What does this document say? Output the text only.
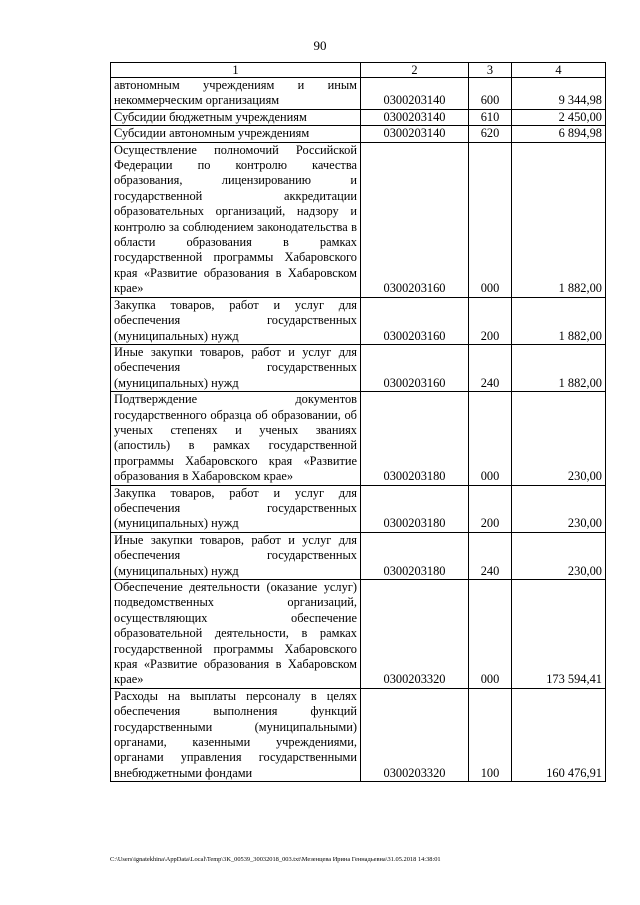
90
1	2	3	4
автономным учреждениям и иным некоммерческим организациям	0300203140	600	9 344,98
Субсидии бюджетным учреждениям	0300203140	610	2 450,00
Субсидии автономным учреждениям	0300203140	620	6 894,98
Осуществление полномочий Российской Федерации по контролю качества образования, лицензированию и государственной аккредитации образовательных организаций, надзору и контролю за соблюдением законодательства в области образования в рамках государственной программы Хабаровского края «Развитие образования в Хабаровском крае»	0300203160	000	1 882,00
Закупка товаров, работ и услуг для обеспечения государственных (муниципальных) нужд	0300203160	200	1 882,00
Иные закупки товаров, работ и услуг для обеспечения государственных (муниципальных) нужд	0300203160	240	1 882,00
Подтверждение документов государственного образца об образовании, об ученых степенях и ученых званиях (апостиль) в рамках государственной программы Хабаровского края «Развитие образования в Хабаровском крае»	0300203180	000	230,00
Закупка товаров, работ и услуг для обеспечения государственных (муниципальных) нужд	0300203180	200	230,00
Иные закупки товаров, работ и услуг для обеспечения государственных (муниципальных) нужд	0300203180	240	230,00
Обеспечение деятельности (оказание услуг) подведомственных организаций, осуществляющих обеспечение образовательной деятельности, в рамках государственной программы Хабаровского края «Развитие образования в Хабаровском крае»	0300203320	000	173 594,41
Расходы на выплаты персоналу в целях обеспечения выполнения функций государственными (муниципальными) органами, казенными учреждениями, органами управления государственными внебюджетными фондами	0300203320	100	160 476,91
C:\Users\ignatekhina\AppData\Local\Temp\3K_00539_30032018_003.txt\Мезенцева Ирина Геннадьевна\31.05.2018 14:38:01
